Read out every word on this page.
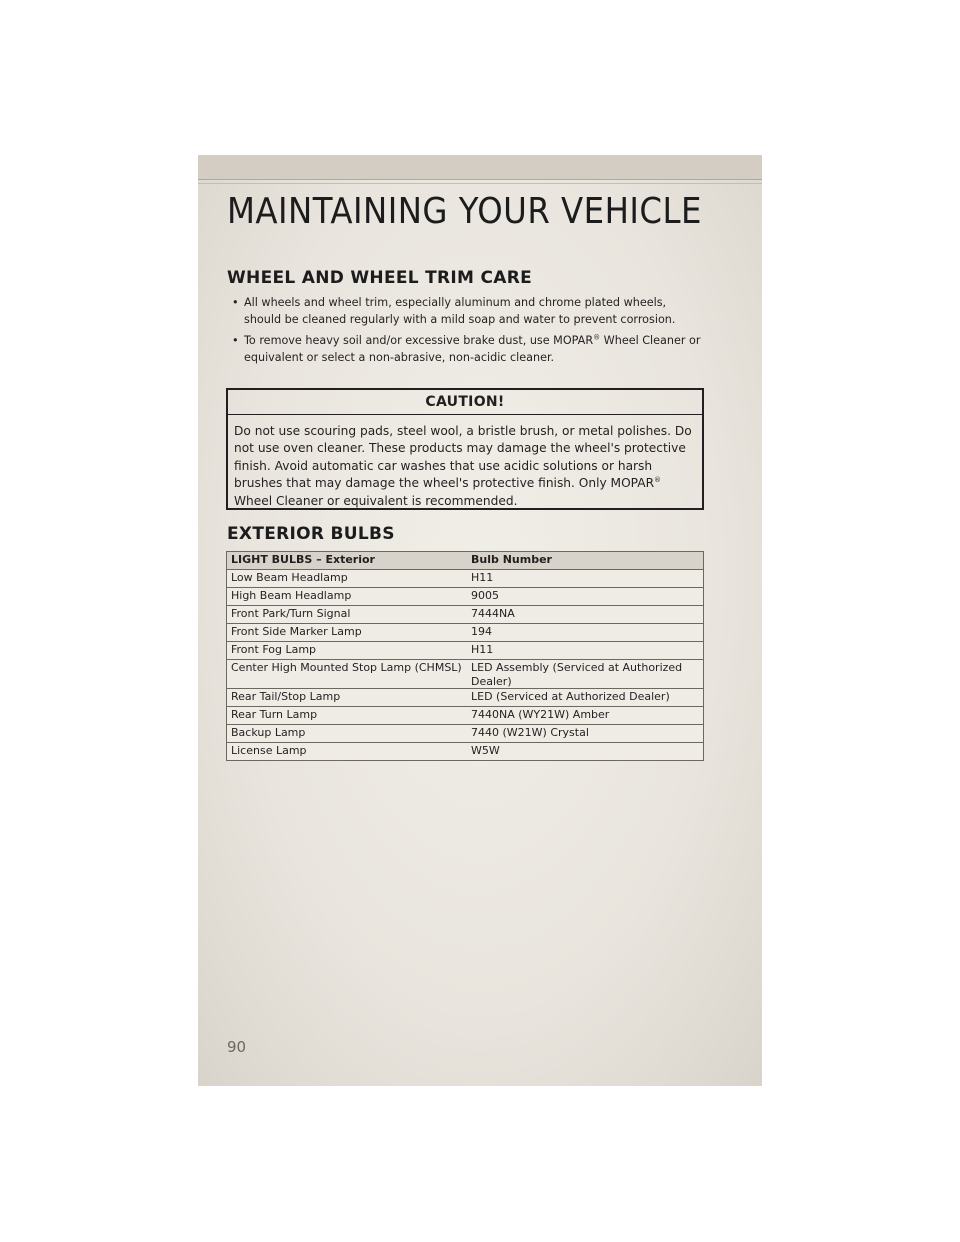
MAINTAINING YOUR VEHICLE
WHEEL AND WHEEL TRIM CARE
• All wheels and wheel trim, especially aluminum and chrome plated wheels, should be cleaned regularly with a mild soap and water to prevent corrosion.
• To remove heavy soil and/or excessive brake dust, use MOPAR® Wheel Cleaner or equivalent or select a non-abrasive, non-acidic cleaner.
CAUTION!
Do not use scouring pads, steel wool, a bristle brush, or metal polishes. Do not use oven cleaner. These products may damage the wheel's protective finish. Avoid automatic car washes that use acidic solutions or harsh brushes that may damage the wheel's protective finish. Only MOPAR® Wheel Cleaner or equivalent is recommended.
EXTERIOR BULBS
LIGHT BULBS – Exterior	Bulb Number
Low Beam Headlamp	H11
High Beam Headlamp	9005
Front Park/Turn Signal	7444NA
Front Side Marker Lamp	194
Front Fog Lamp	H11
Center High Mounted Stop Lamp (CHMSL)	LED Assembly (Serviced at Authorized Dealer)
Rear Tail/Stop Lamp	LED (Serviced at Authorized Dealer)
Rear Turn Lamp	7440NA (WY21W) Amber
Backup Lamp	7440 (W21W) Crystal
License Lamp	W5W
90
